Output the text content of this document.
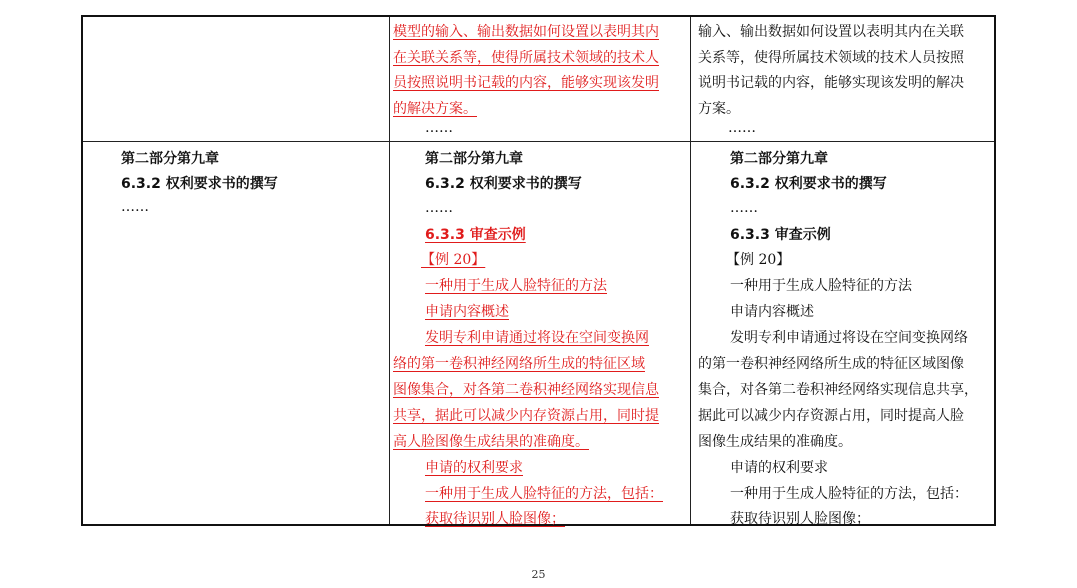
模型的输入、输出数据如何设置以表明其内
在关联关系等，使得所属技术领域的技术人
员按照说明书记载的内容，能够实现该发明
的解决方案。
……
输入、输出数据如何设置以表明其内在关联
关系等，使得所属技术领域的技术人员按照
说明书记载的内容，能够实现该发明的解决
方案。
……
第二部分第九章
6.3.2 权利要求书的撰写
……
第二部分第九章
6.3.2 权利要求书的撰写
……
6.3.3 审查示例
【例 20】
一种用于生成人脸特征的方法
申请内容概述
发明专利申请通过将设在空间变换网
络的第一卷积神经网络所生成的特征区域
图像集合，对各第二卷积神经网络实现信息
共享，据此可以减少内存资源占用，同时提
高人脸图像生成结果的准确度。
申请的权利要求
一种用于生成人脸特征的方法，包括：
获取待识别人脸图像；
第二部分第九章
6.3.2 权利要求书的撰写
……
6.3.3 审查示例
【例 20】
一种用于生成人脸特征的方法
申请内容概述
发明专利申请通过将设在空间变换网络
的第一卷积神经网络所生成的特征区域图像
集合，对各第二卷积神经网络实现信息共享，
据此可以减少内存资源占用，同时提高人脸
图像生成结果的准确度。
申请的权利要求
一种用于生成人脸特征的方法，包括：
获取待识别人脸图像；
25
